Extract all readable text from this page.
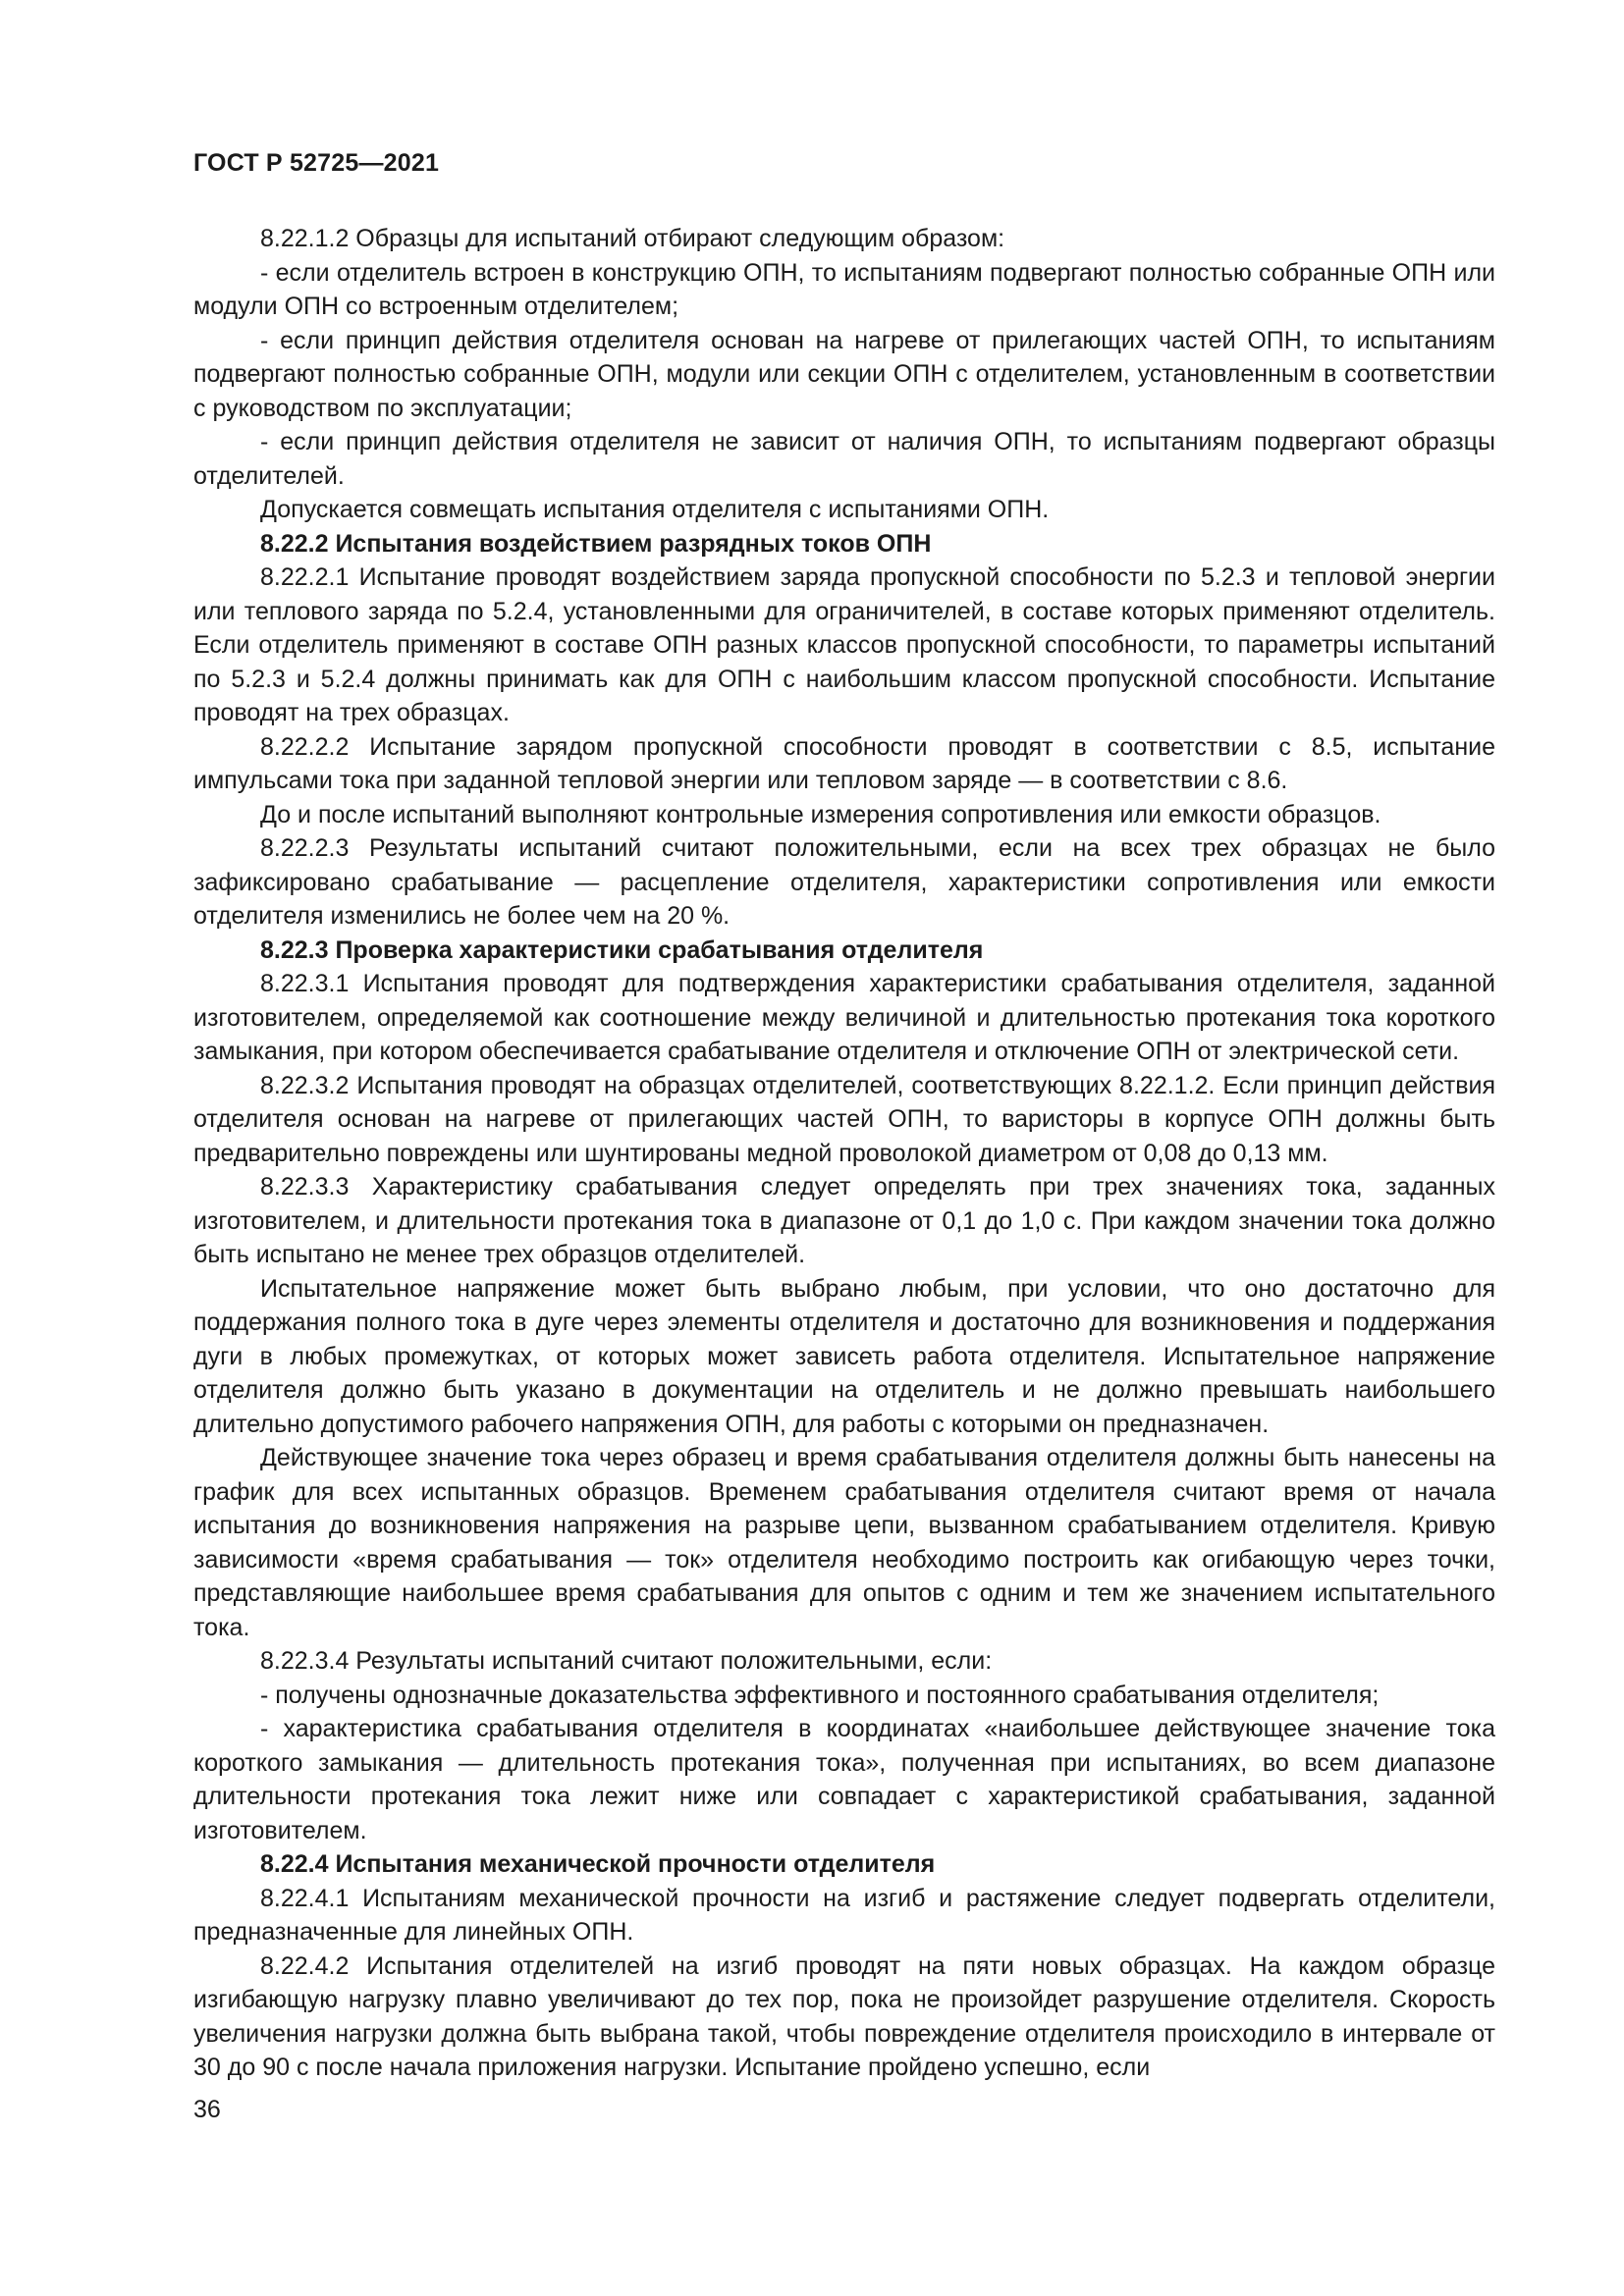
ГОСТ Р 52725—2021

8.22.1.2 Образцы для испытаний отбирают следующим образом:

- если отделитель встроен в конструкцию ОПН, то испытаниям подвергают полностью собранные ОПН или модули ОПН со встроенным отделителем;

- если принцип действия отделителя основан на нагреве от прилегающих частей ОПН, то испытаниям подвергают полностью собранные ОПН, модули или секции ОПН с отделителем, установленным в соответствии с руководством по эксплуатации;

- если принцип действия отделителя не зависит от наличия ОПН, то испытаниям подвергают образцы отделителей.

Допускается совмещать испытания отделителя с испытаниями ОПН.

8.22.2 Испытания воздействием разрядных токов ОПН

8.22.2.1 Испытание проводят воздействием заряда пропускной способности по 5.2.3 и тепловой энергии или теплового заряда по 5.2.4, установленными для ограничителей, в составе которых применяют отделитель. Если отделитель применяют в составе ОПН разных классов пропускной способности, то параметры испытаний по 5.2.3 и 5.2.4 должны принимать как для ОПН с наибольшим классом пропускной способности. Испытание проводят на трех образцах.

8.22.2.2 Испытание зарядом пропускной способности проводят в соответствии с 8.5, испытание импульсами тока при заданной тепловой энергии или тепловом заряде — в соответствии с 8.6.

До и после испытаний выполняют контрольные измерения сопротивления или емкости образцов.

8.22.2.3 Результаты испытаний считают положительными, если на всех трех образцах не было зафиксировано срабатывание — расцепление отделителя, характеристики сопротивления или емкости отделителя изменились не более чем на 20 %.

8.22.3 Проверка характеристики срабатывания отделителя

8.22.3.1 Испытания проводят для подтверждения характеристики срабатывания отделителя, заданной изготовителем, определяемой как соотношение между величиной и длительностью протекания тока короткого замыкания, при котором обеспечивается срабатывание отделителя и отключение ОПН от электрической сети.

8.22.3.2 Испытания проводят на образцах отделителей, соответствующих 8.22.1.2. Если принцип действия отделителя основан на нагреве от прилегающих частей ОПН, то варисторы в корпусе ОПН должны быть предварительно повреждены или шунтированы медной проволокой диаметром от 0,08 до 0,13 мм.

8.22.3.3 Характеристику срабатывания следует определять при трех значениях тока, заданных изготовителем, и длительности протекания тока в диапазоне от 0,1 до 1,0 с. При каждом значении тока должно быть испытано не менее трех образцов отделителей.

Испытательное напряжение может быть выбрано любым, при условии, что оно достаточно для поддержания полного тока в дуге через элементы отделителя и достаточно для возникновения и поддержания дуги в любых промежутках, от которых может зависеть работа отделителя. Испытательное напряжение отделителя должно быть указано в документации на отделитель и не должно превышать наибольшего длительно допустимого рабочего напряжения ОПН, для работы с которыми он предназначен.

Действующее значение тока через образец и время срабатывания отделителя должны быть нанесены на график для всех испытанных образцов. Временем срабатывания отделителя считают время от начала испытания до возникновения напряжения на разрыве цепи, вызванном срабатыванием отделителя. Кривую зависимости «время срабатывания — ток» отделителя необходимо построить как огибающую через точки, представляющие наибольшее время срабатывания для опытов с одним и тем же значением испытательного тока.

8.22.3.4 Результаты испытаний считают положительными, если:

- получены однозначные доказательства эффективного и постоянного срабатывания отделителя;

- характеристика срабатывания отделителя в координатах «наибольшее действующее значение тока короткого замыкания — длительность протекания тока», полученная при испытаниях, во всем диапазоне длительности протекания тока лежит ниже или совпадает с характеристикой срабатывания, заданной изготовителем.

8.22.4 Испытания механической прочности отделителя

8.22.4.1 Испытаниям механической прочности на изгиб и растяжение следует подвергать отделители, предназначенные для линейных ОПН.

8.22.4.2 Испытания отделителей на изгиб проводят на пяти новых образцах. На каждом образце изгибающую нагрузку плавно увеличивают до тех пор, пока не произойдет разрушение отделителя. Скорость увеличения нагрузки должна быть выбрана такой, чтобы повреждение отделителя происходило в интервале от 30 до 90 с после начала приложения нагрузки. Испытание пройдено успешно, если

36
